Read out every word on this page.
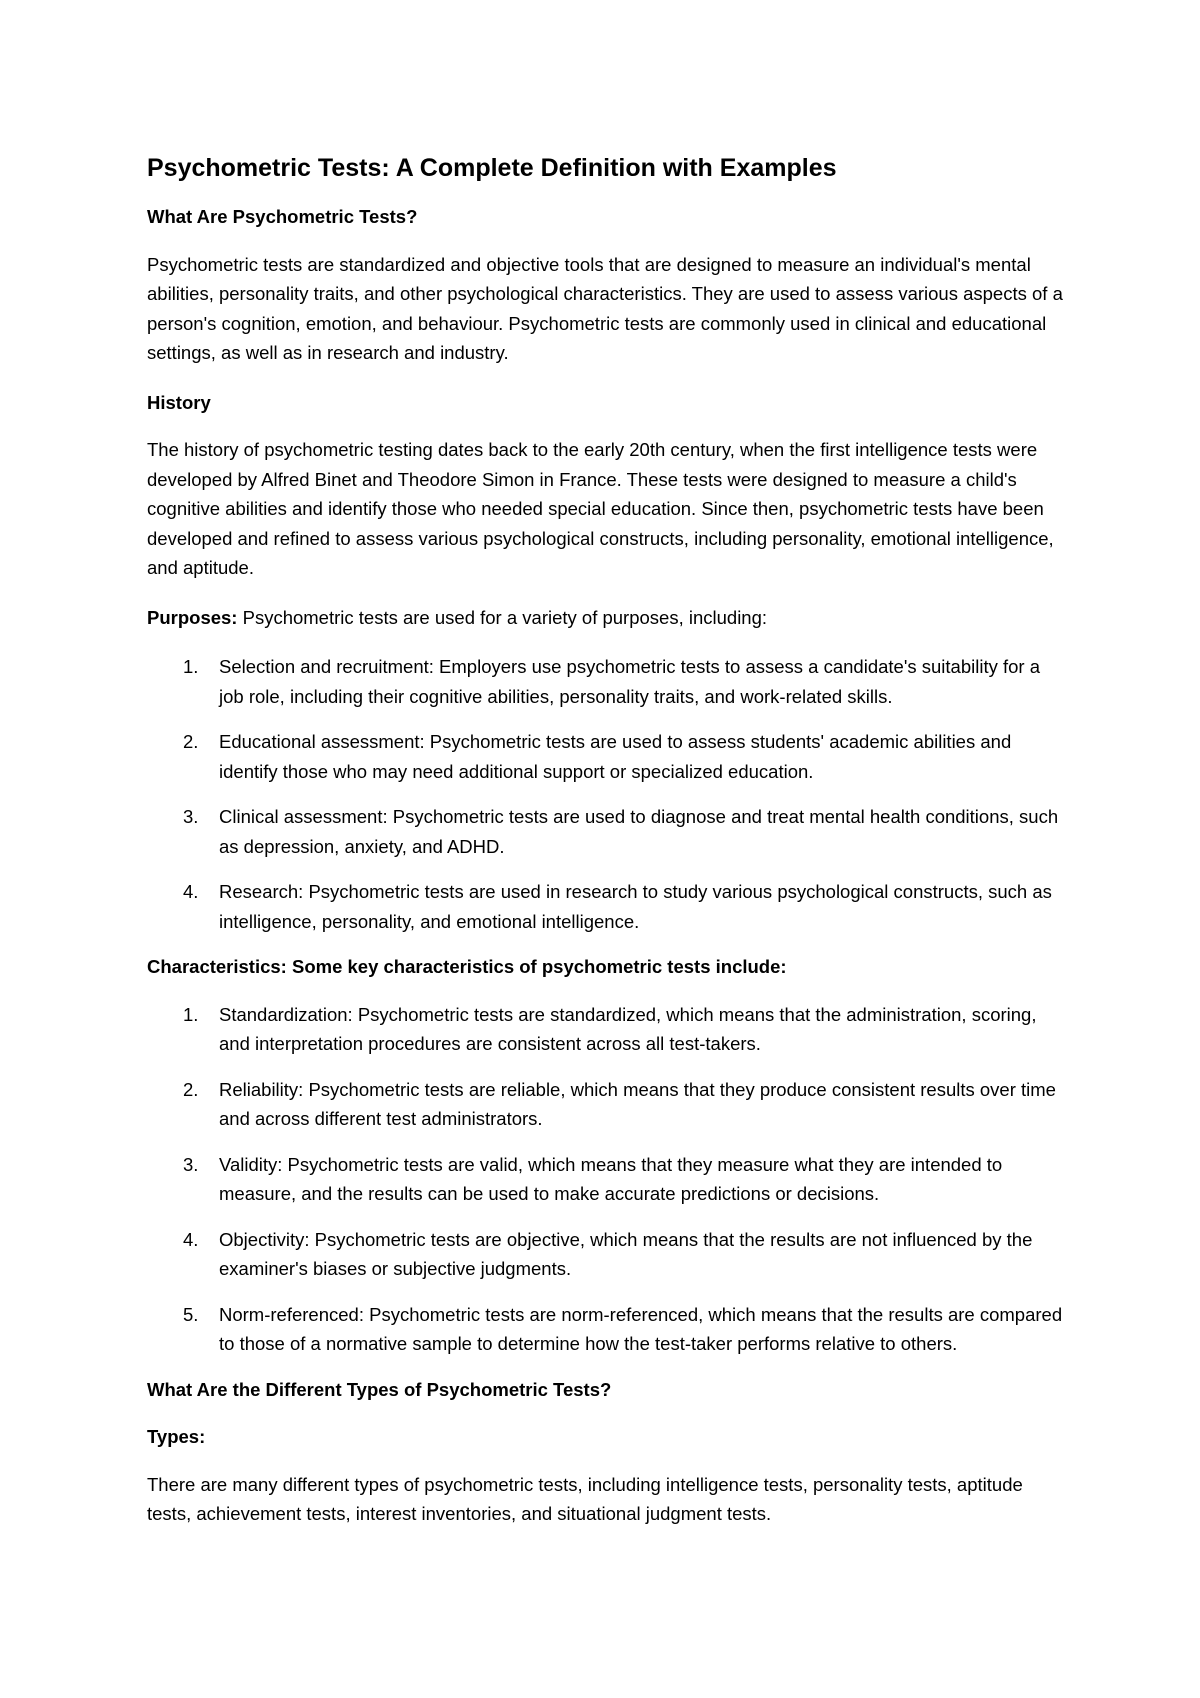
Psychometric Tests: A Complete Definition with Examples
What Are Psychometric Tests?

Psychometric tests are standardized and objective tools that are designed to measure an individual's mental abilities, personality traits, and other psychological characteristics. They are used to assess various aspects of a person's cognition, emotion, and behaviour. Psychometric tests are commonly used in clinical and educational settings, as well as in research and industry.

History

The history of psychometric testing dates back to the early 20th century, when the first intelligence tests were developed by Alfred Binet and Theodore Simon in France. These tests were designed to measure a child's cognitive abilities and identify those who needed special education. Since then, psychometric tests have been developed and refined to assess various psychological constructs, including personality, emotional intelligence, and aptitude.

Purposes: Psychometric tests are used for a variety of purposes, including:

1. Selection and recruitment: Employers use psychometric tests to assess a candidate's suitability for a job role, including their cognitive abilities, personality traits, and work-related skills.
2. Educational assessment: Psychometric tests are used to assess students' academic abilities and identify those who may need additional support or specialized education.
3. Clinical assessment: Psychometric tests are used to diagnose and treat mental health conditions, such as depression, anxiety, and ADHD.
4. Research: Psychometric tests are used in research to study various psychological constructs, such as intelligence, personality, and emotional intelligence.
Characteristics: Some key characteristics of psychometric tests include:
1. Standardization: Psychometric tests are standardized, which means that the administration, scoring, and interpretation procedures are consistent across all test-takers.
2. Reliability: Psychometric tests are reliable, which means that they produce consistent results over time and across different test administrators.
3. Validity: Psychometric tests are valid, which means that they measure what they are intended to measure, and the results can be used to make accurate predictions or decisions.
4. Objectivity: Psychometric tests are objective, which means that the results are not influenced by the examiner's biases or subjective judgments.
5. Norm-referenced: Psychometric tests are norm-referenced, which means that the results are compared to those of a normative sample to determine how the test-taker performs relative to others.
What Are the Different Types of Psychometric Tests?
Types:

There are many different types of psychometric tests, including intelligence tests, personality tests, aptitude tests, achievement tests, interest inventories, and situational judgment tests.
